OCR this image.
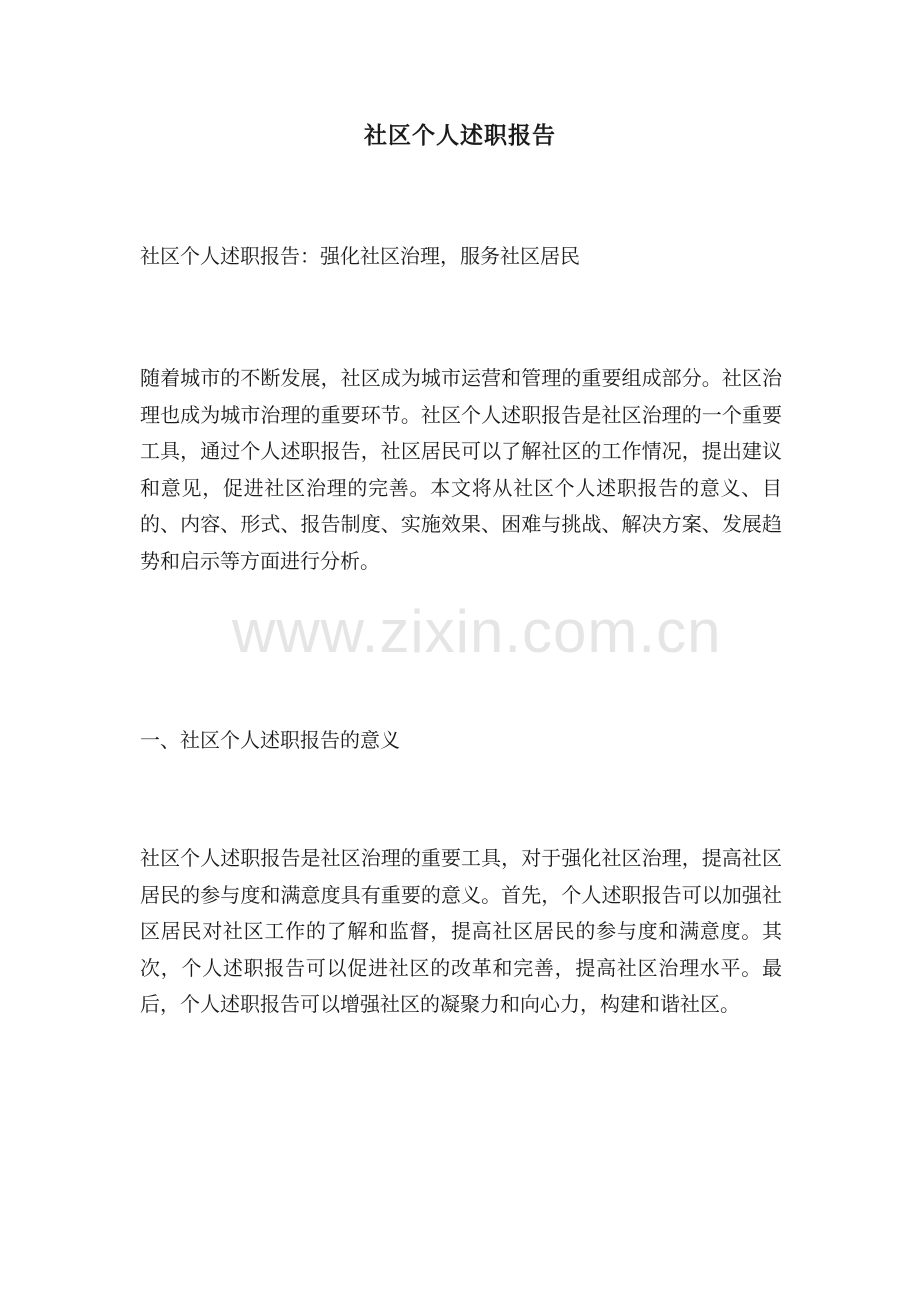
社区个人述职报告
社区个人述职报告：强化社区治理，服务社区居民
随着城市的不断发展，社区成为城市运营和管理的重要组成部分。社区治理也成为城市治理的重要环节。社区个人述职报告是社区治理的一个重要工具，通过个人述职报告，社区居民可以了解社区的工作情况，提出建议和意见，促进社区治理的完善。本文将从社区个人述职报告的意义、目的、内容、形式、报告制度、实施效果、困难与挑战、解决方案、发展趋势和启示等方面进行分析。
www.zixin.com.cn
一、社区个人述职报告的意义
社区个人述职报告是社区治理的重要工具，对于强化社区治理，提高社区居民的参与度和满意度具有重要的意义。首先，个人述职报告可以加强社区居民对社区工作的了解和监督，提高社区居民的参与度和满意度。其次，个人述职报告可以促进社区的改革和完善，提高社区治理水平。最后，个人述职报告可以增强社区的凝聚力和向心力，构建和谐社区。
